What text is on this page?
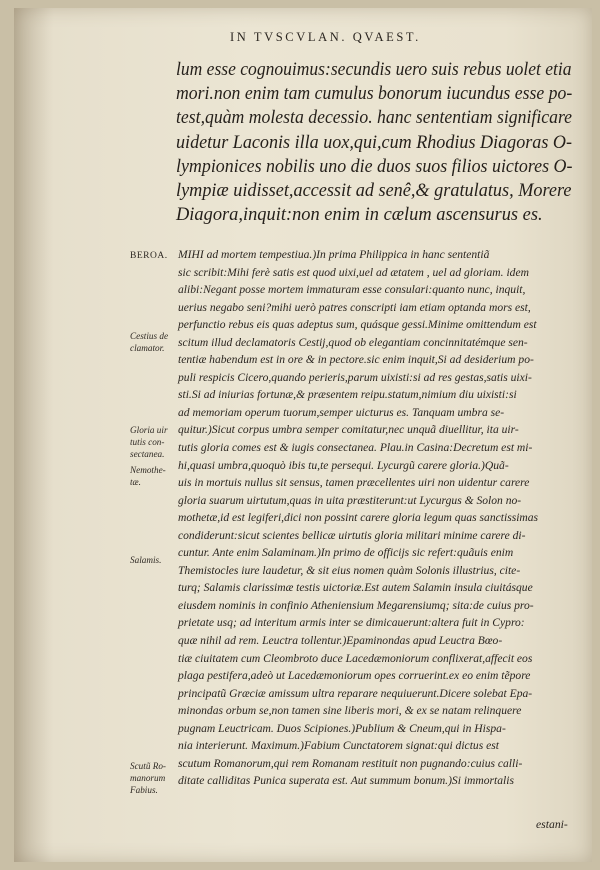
IN TVSCVLAN. QVAEST.
lum esse cognouimus:secundis uero suis rebus uolet etia
mori.non enim tam cumulus bonorum iucundus esse po-
test,quàm molesta decessio. hanc sententiam significare
uidetur Laconis illa uox,qui,cum Rhodius Diagoras O-
lympionices nobilis uno die duos suos filios uictores O-
lympiæ uidisset,accessit ad senê,& gratulatus, Morere
Diagora,inquit:non enim in cælum ascensurus es.
MIHI ad mortem tempestiua.)In prima Philippica in hanc sententiã
sic scribit:Mihi ferè satis est quod uixi,uel ad ætatem , uel ad gloriam. idem
alibi:Negant posse mortem immaturam esse consulari:quanto nunc, inquit,
uerius negabo seni?mihi uerò patres conscripti iam etiam optanda mors est,
perfunctio rebus eis quas adeptus sum, quásque gessi.Minime omittendum est
scitum illud declamatoris Cestij,quod ob elegantiam concinnitatémque sen-
tentiæ habendum est in ore & in pectore.sic enim inquit,Si ad desiderium po-
puli respicis Cicero,quando perieris,parum uixisti:si ad res gestas,satis uixi-
sti.Si ad iniurias fortunæ,& præsentem reipu.statum,nimium diu uixisti:si
ad memoriam operum tuorum,semper uicturus es. Tanquam umbra se-
quitur.)Sicut corpus umbra semper comitatur,nec unquã diuellitur, ita uir-
tutis gloria comes est & iugis consectanea. Plau.in Casina:Decretum est mi-
hi,quasi umbra,quoquò ibis tu,te persequi. Lycurgũ carere gloria.)Quã-
uis in mortuis nullus sit sensus, tamen præcellentes uiri non uidentur carere
gloria suarum uirtutum,quas in uita præstiterunt:ut Lycurgus & Solon no-
mothetæ,id est legiferi,dici non possint carere gloria legum quas sanctissimas
condiderunt:sicut scientes bellicæ uirtutis gloria militari minime carere di-
cuntur. Ante enim Salaminam.)In primo de officijs sic refert:quãuis enim
Themistocles iure laudetur, & sit eius nomen quàm Solonis illustrius, cite-
turq; Salamis clarissimæ testis uictoriæ.Est autem Salamin insula ciuitásque
eiusdem nominis in confinio Atheniensium Megarensiumq; sita:de cuius pro-
prietate usq; ad interitum armis inter se dimicauerunt:altera fuit in Cypro:
quæ nihil ad rem. Leuctra tollentur.)Epaminondas apud Leuctra Bœo-
tiæ ciuitatem cum Cleombroto duce Lacedæmoniorum conflixerat,affecit eos
plaga pestifera,adeò ut Lacedæmoniorum opes corruerint.ex eo enim tẽpore
principatũ Græciæ amissum ultra reparare nequiuerunt.Dicere solebat Epa-
minondas orbum se,non tamen sine liberis mori, & ex se natam relinquere
pugnam Leuctricam. Duos Scipiones.)Publium & Cneum,qui in Hispa-
nia interierunt. Maximum.)Fabium Cunctatorem signat:qui dictus est
scutum Romanorum,qui rem Romanam restituit non pugnando:cuius calli-
ditate calliditas Punica superata est. Aut summum bonum.)Si immortalis
BEROA.
Cestius de
clamator.
Gloria uir
tutis con-
sectanea.
Nemothe-
tæ.
Salamis.
Scutũ Ro-
manorum
Fabius.
estani-
